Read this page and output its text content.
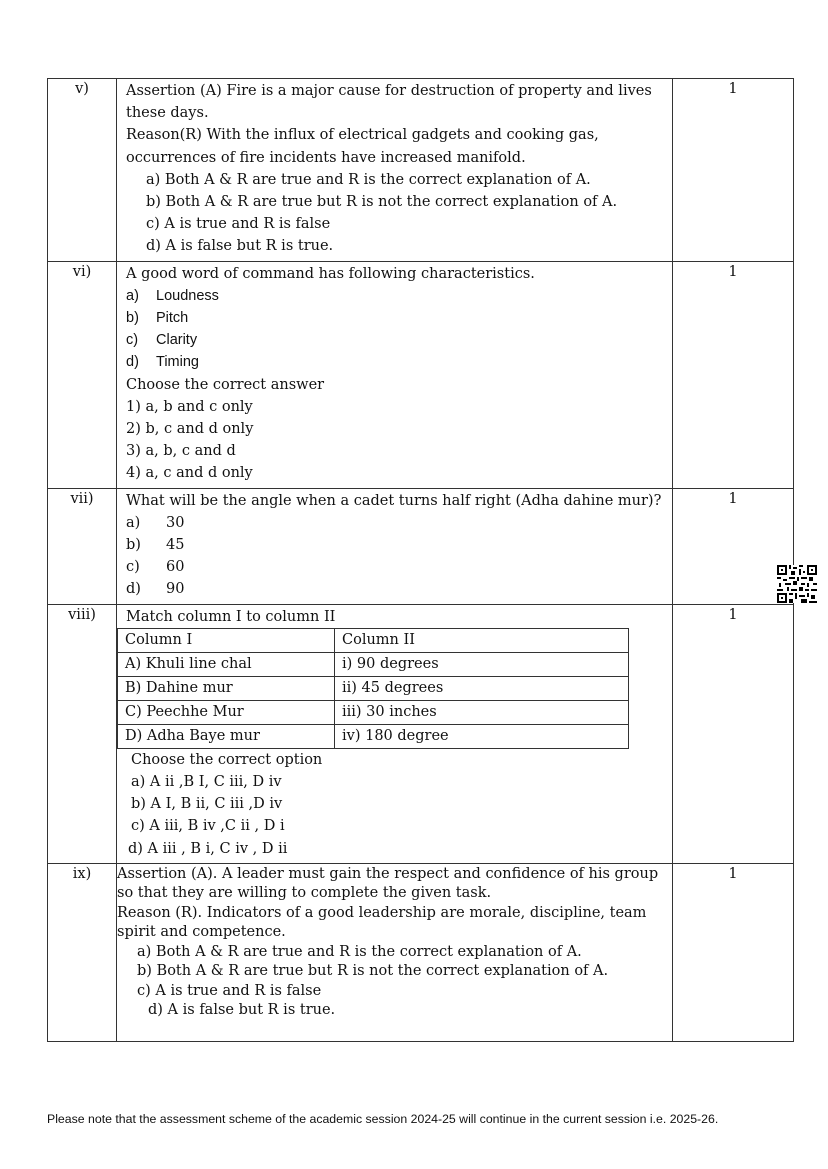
v)	Assertion (A) Fire is a major cause for destruction of property and lives these days.
Reason(R) With the influx of electrical gadgets and cooking gas, occurrences of fire incidents have increased manifold.
a) Both A & R are true and R is the correct explanation of A.
b) Both A & R are true but R is not the correct explanation of A.
c) A is true and R is false
d) A is false but R is true.
	1
vi)	A good word of command has following characteristics.
a)	Loudness
b)	Pitch
c)	Clarity
d)	Timing
Choose the correct answer
1) a, b and c only
2) b, c and d only
3) a, b, c and d
4) a, c and d only
	1
vii)	What will be the angle when a cadet turns half right (Adha dahine mur)?
a)	30
b)	45
c)	60
d)	90
	1
viii)	Match column I to column II
Column I	Column II
A) Khuli line chal	i) 90 degrees
B) Dahine mur	ii) 45 degrees
C) Peechhe Mur	iii) 30 inches
D) Adha Baye mur	iv) 180 degree
Choose the correct option
a) A ii ,B I, C iii, D iv
b) A I, B ii, C iii ,D iv
c) A iii, B iv ,C ii , D i
d) A iii , B i, C iv , D ii
	1
ix)	Assertion (A). A leader must gain the respect and confidence of his group so that they are willing to complete the given task.
Reason (R). Indicators of a good leadership are morale, discipline, team spirit and competence.
a) Both A & R are true and R is the correct explanation of A.
b) Both A & R are true but R is not the correct explanation of A.
c) A is true and R is false
d) A is false but R is true.
	1
Please note that the assessment scheme of the academic session 2024-25 will continue in the current session i.e. 2025-26.
